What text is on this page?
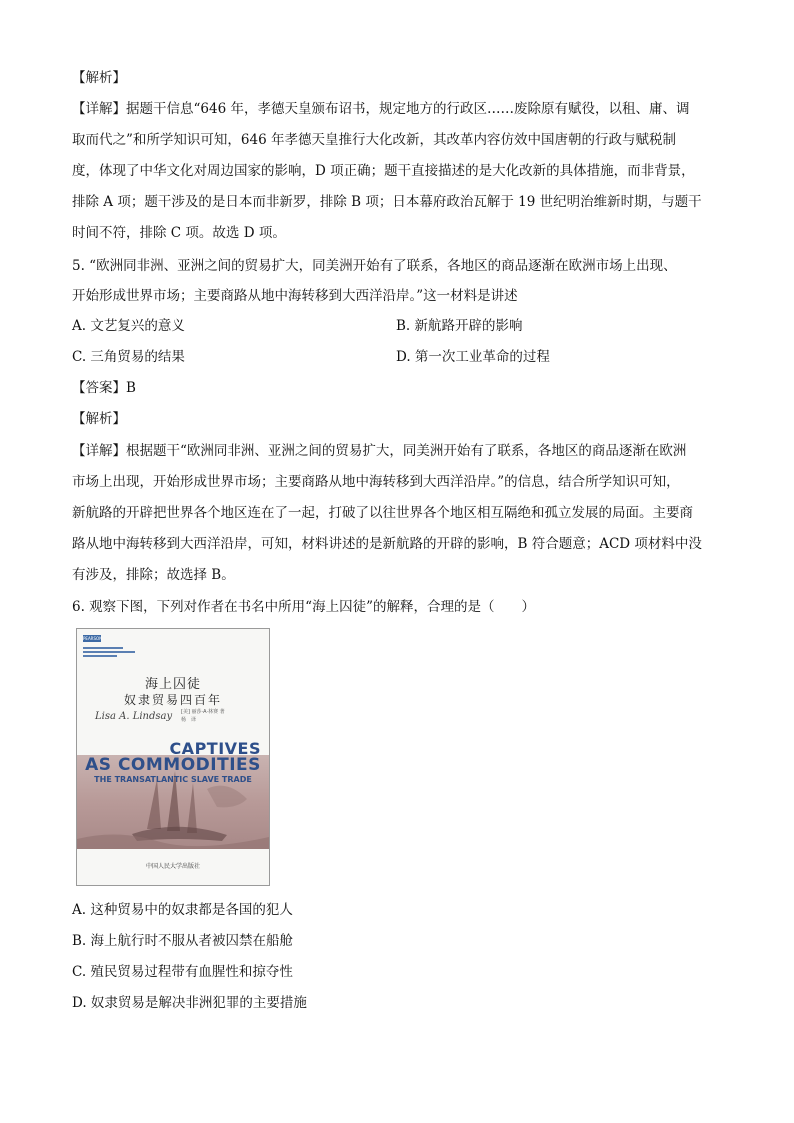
【解析】
【详解】据题干信息“646 年，孝德天皇颁布诏书，规定地方的行政区……废除原有赋役，以租、庸、调
取而代之”和所学知识可知，646 年孝德天皇推行大化改新，其改革内容仿效中国唐朝的行政与赋税制
度，体现了中华文化对周边国家的影响，D 项正确；题干直接描述的是大化改新的具体措施，而非背景，
排除 A 项；题干涉及的是日本而非新罗，排除 B 项；日本幕府政治瓦解于 19 世纪明治维新时期，与题干
时间不符，排除 C 项。故选 D 项。
5. “欧洲同非洲、亚洲之间的贸易扩大，同美洲开始有了联系，各地区的商品逐渐在欧洲市场上出现、
开始形成世界市场；主要商路从地中海转移到大西洋沿岸。”这一材料是讲述
A. 文艺复兴的意义	B. 新航路开辟的影响
C. 三角贸易的结果	D. 第一次工业革命的过程
【答案】B
【解析】
【详解】根据题干“欧洲同非洲、亚洲之间的贸易扩大，同美洲开始有了联系，各地区的商品逐渐在欧洲
市场上出现，开始形成世界市场；主要商路从地中海转移到大西洋沿岸。”的信息，结合所学知识可知，
新航路的开辟把世界各个地区连在了一起，打破了以往世界各个地区相互隔绝和孤立发展的局面。主要商
路从地中海转移到大西洋沿岸，可知，材料讲述的是新航路的开辟的影响，B 符合题意；ACD 项材料中没
有涉及，排除；故选择 B。
6. 观察下图，下列对作者在书名中所用“海上囚徒”的解释，合理的是（　　）
PEARSON
海上囚徒
奴隶贸易四百年
Lisa A. Lindsay [美] 丽莎·A·林赛 著
杨　译
CAPTIVES
AS COMMODITIES
THE TRANSATLANTIC SLAVE TRADE
中国人民大学出版社
A. 这种贸易中的奴隶都是各国的犯人
B. 海上航行时不服从者被囚禁在船舱
C. 殖民贸易过程带有血腥性和掠夺性
D. 奴隶贸易是解决非洲犯罪的主要措施
